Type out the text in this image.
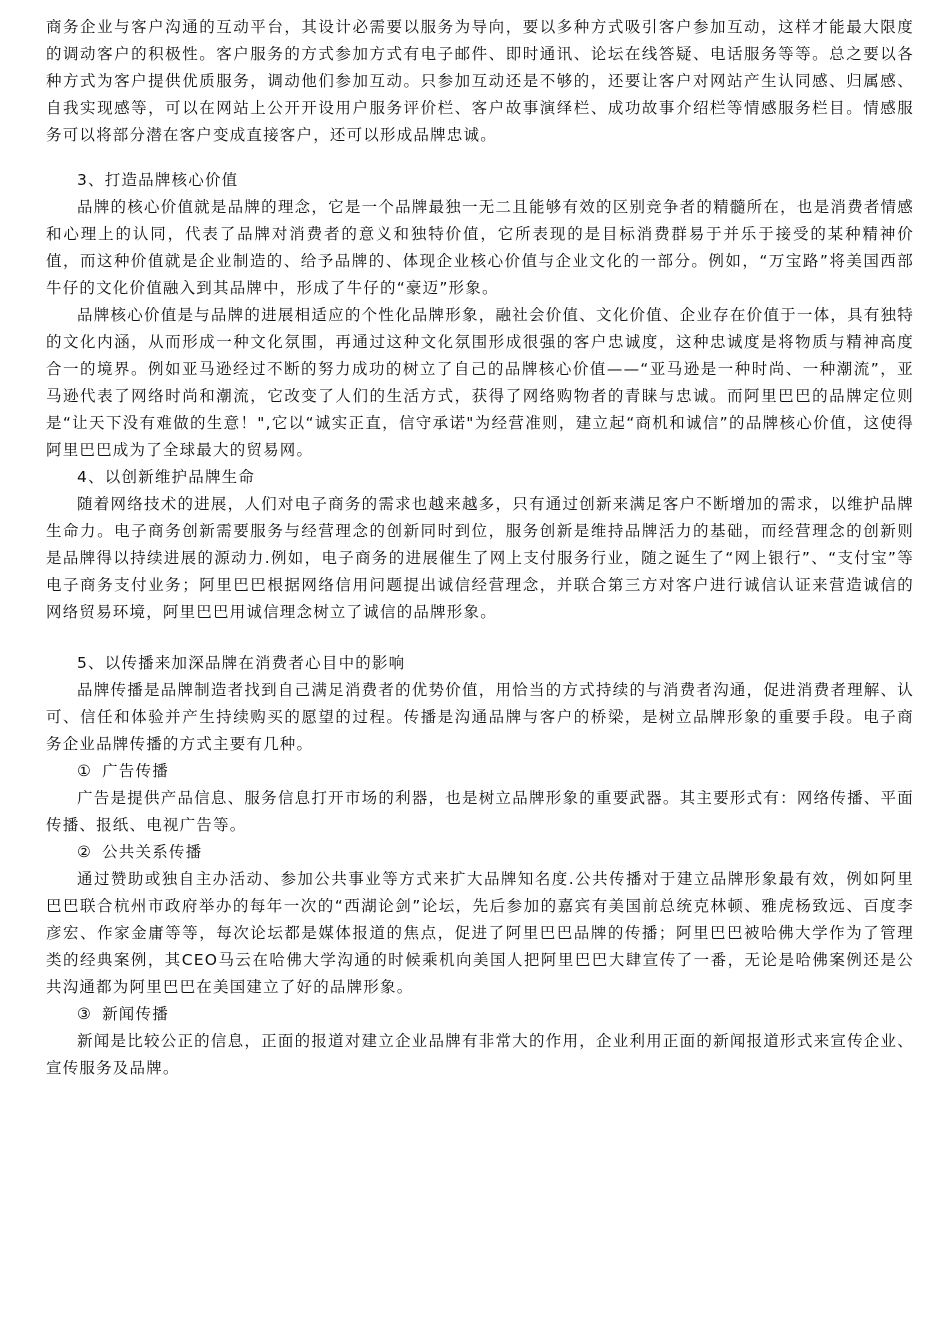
商务企业与客户沟通的互动平台，其设计必需要以服务为导向，要以多种方式吸引客户参加互动，这样才能最大限度的调动客户的积极性。客户服务的方式参加方式有电子邮件、即时通讯、论坛在线答疑、电话服务等等。总之要以各种方式为客户提供优质服务，调动他们参加互动。只参加互动还是不够的，还要让客户对网站产生认同感、归属感、自我实现感等，可以在网站上公开开设用户服务评价栏、客户故事演绎栏、成功故事介绍栏等情感服务栏目。情感服务可以将部分潜在客户变成直接客户，还可以形成品牌忠诚。

3、打造品牌核心价值

品牌的核心价值就是品牌的理念，它是一个品牌最独一无二且能够有效的区别竞争者的精髓所在，也是消费者情感和心理上的认同，代表了品牌对消费者的意义和独特价值，它所表现的是目标消费群易于并乐于接受的某种精神价值，而这种价值就是企业制造的、给予品牌的、体现企业核心价值与企业文化的一部分。例如，“万宝路”将美国西部牛仔的文化价值融入到其品牌中，形成了牛仔的“豪迈”形象。

品牌核心价值是与品牌的进展相适应的个性化品牌形象，融社会价值、文化价值、企业存在价值于一体，具有独特的文化内涵，从而形成一种文化氛围，再通过这种文化氛围形成很强的客户忠诚度，这种忠诚度是将物质与精神高度合一的境界。例如亚马逊经过不断的努力成功的树立了自己的品牌核心价值——“亚马逊是一种时尚、一种潮流”，亚马逊代表了网络时尚和潮流，它改变了人们的生活方式，获得了网络购物者的青睐与忠诚。而阿里巴巴的品牌定位则是“让天下没有难做的生意！",它以“诚实正直，信守承诺"为经营准则，建立起“商机和诚信”的品牌核心价值，这使得阿里巴巴成为了全球最大的贸易网。

4、以创新维护品牌生命

随着网络技术的进展，人们对电子商务的需求也越来越多，只有通过创新来满足客户不断增加的需求，以维护品牌生命力。电子商务创新需要服务与经营理念的创新同时到位，服务创新是维持品牌活力的基础，而经营理念的创新则是品牌得以持续进展的源动力.例如，电子商务的进展催生了网上支付服务行业，随之诞生了“网上银行”、“支付宝”等电子商务支付业务；阿里巴巴根据网络信用问题提出诚信经营理念，并联合第三方对客户进行诚信认证来营造诚信的网络贸易环境，阿里巴巴用诚信理念树立了诚信的品牌形象。

5、以传播来加深品牌在消费者心目中的影响

品牌传播是品牌制造者找到自己满足消费者的优势价值，用恰当的方式持续的与消费者沟通，促进消费者理解、认可、信任和体验并产生持续购买的愿望的过程。传播是沟通品牌与客户的桥梁，是树立品牌形象的重要手段。电子商务企业品牌传播的方式主要有几种。

① 广告传播

广告是提供产品信息、服务信息打开市场的利器，也是树立品牌形象的重要武器。其主要形式有：网络传播、平面传播、报纸、电视广告等。

② 公共关系传播

通过赞助或独自主办活动、参加公共事业等方式来扩大品牌知名度.公共传播对于建立品牌形象最有效，例如阿里巴巴联合杭州市政府举办的每年一次的“西湖论剑”论坛，先后参加的嘉宾有美国前总统克林顿、雅虎杨致远、百度李彦宏、作家金庸等等，每次论坛都是媒体报道的焦点，促进了阿里巴巴品牌的传播；阿里巴巴被哈佛大学作为了管理类的经典案例，其CEO马云在哈佛大学沟通的时候乘机向美国人把阿里巴巴大肆宣传了一番，无论是哈佛案例还是公共沟通都为阿里巴巴在美国建立了好的品牌形象。

③ 新闻传播

新闻是比较公正的信息，正面的报道对建立企业品牌有非常大的作用，企业利用正面的新闻报道形式来宣传企业、宣传服务及品牌。
